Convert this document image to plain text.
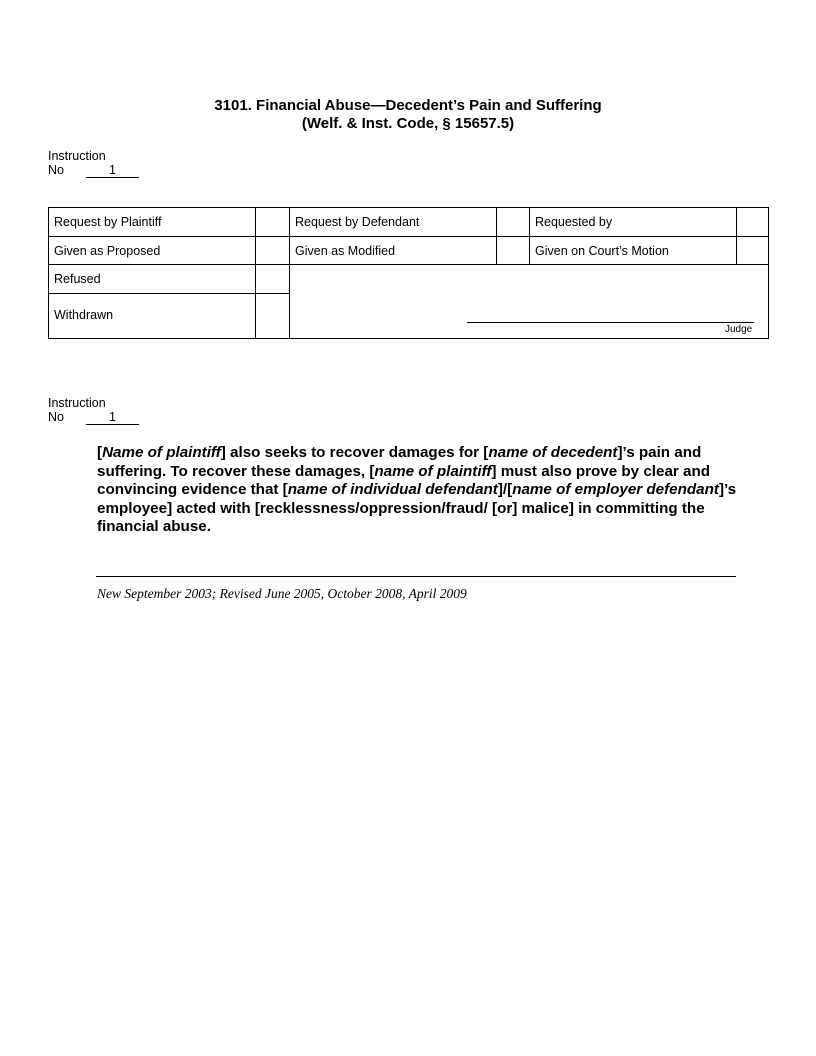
3101. Financial Abuse—Decedent’s Pain and Suffering
(Welf. & Inst. Code, § 15657.5)
Instruction
No	1
Request by Plaintiff	Request by Defendant	Requested by
Given as Proposed	Given as Modified	Given on Court’s Motion
Refused
Withdrawn
Judge
Instruction
No	1
[Name of plaintiff] also seeks to recover damages for [name of decedent]’s pain and suffering. To recover these damages, [name of plaintiff] must also prove by clear and convincing evidence that [name of individual defendant]/[name of employer defendant]’s employee] acted with [recklessness/oppression/fraud/ [or] malice] in committing the financial abuse.
New September 2003; Revised June 2005, October 2008, April 2009
